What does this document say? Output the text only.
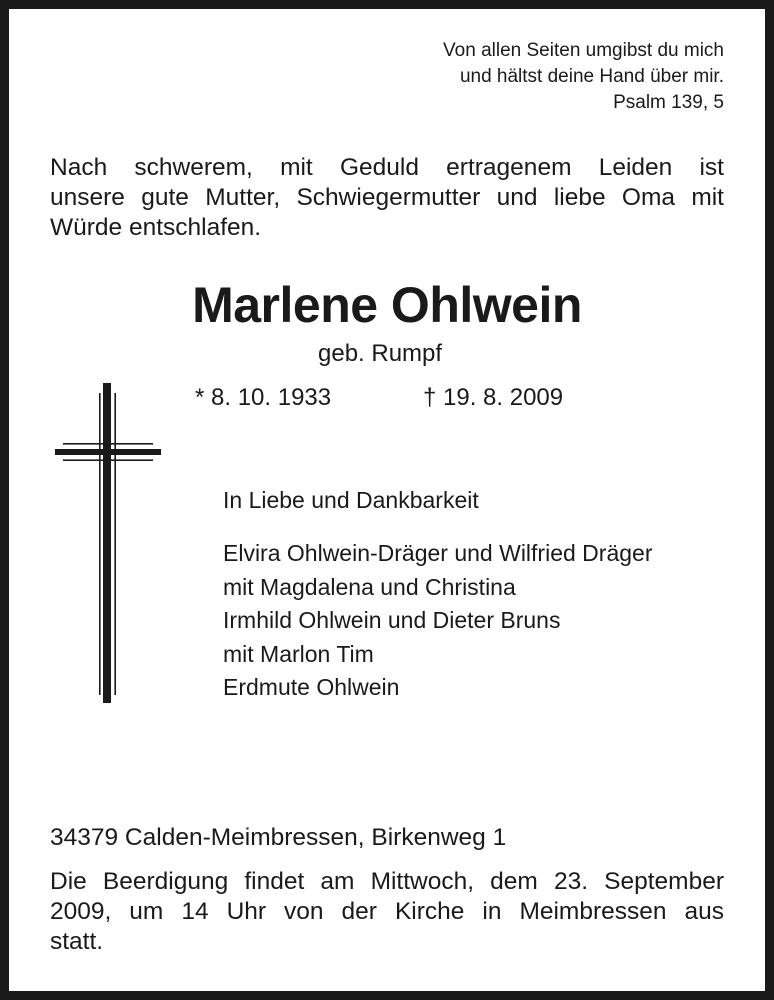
Von allen Seiten umgibst du mich
und hältst deine Hand über mir.
Psalm 139, 5
Nach schwerem, mit Geduld ertragenem Leiden ist
unsere gute Mutter, Schwiegermutter und liebe Oma mit
Würde entschlafen.
Marlene Ohlwein
geb. Rumpf
* 8. 10. 1933	† 19. 8. 2009
In Liebe und Dankbarkeit
Elvira Ohlwein-Dräger und Wilfried Dräger
mit Magdalena und Christina
Irmhild Ohlwein und Dieter Bruns
mit Marlon Tim
Erdmute Ohlwein
34379 Calden-Meimbressen, Birkenweg 1
Die Beerdigung findet am Mittwoch, dem 23. September
2009, um 14 Uhr von der Kirche in Meimbressen aus
statt.
